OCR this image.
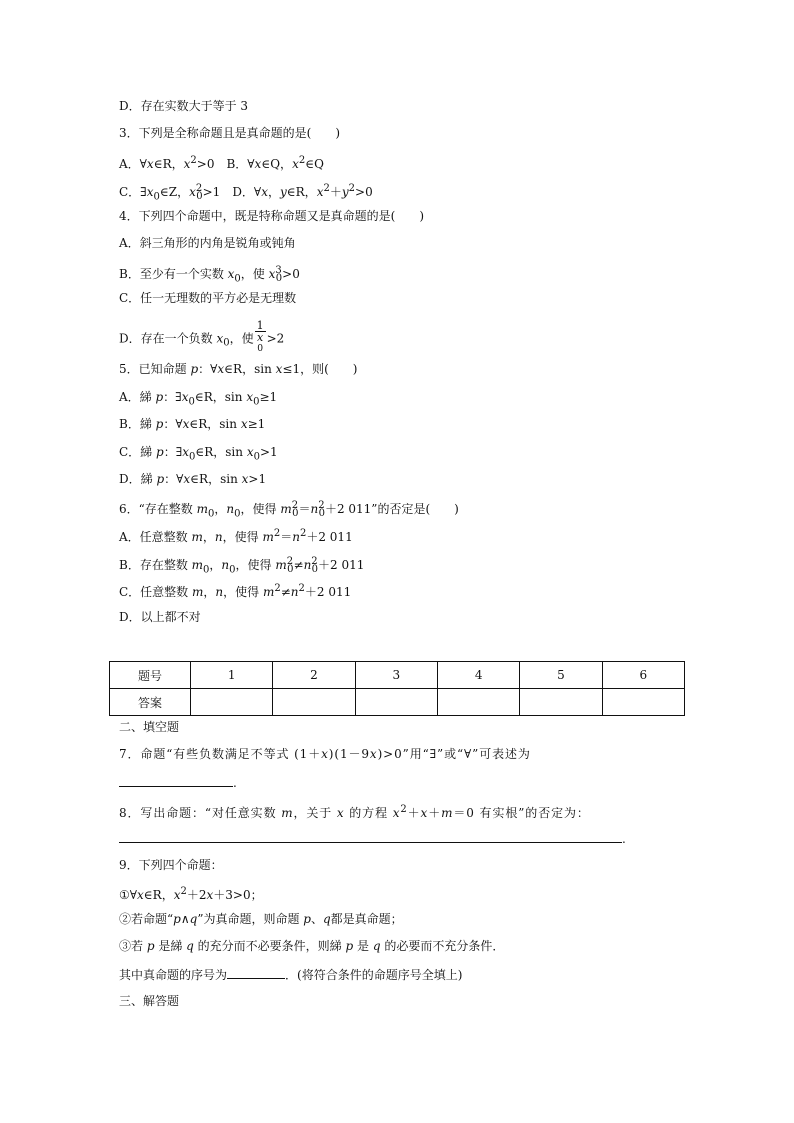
D．存在实数大于等于 3
3．下列是全称命题且是真命题的是(　　)
A．∀x∈R，$x^2>0$　B．∀x∈Q，$x^2\in Q$
C．$\exists x_0\in Z$，$x^2_0>1$　D．∀x，y∈R，$x^2+y^2>0$
4．下列四个命题中，既是特称命题又是真命题的是(　　)
A．斜三角形的内角是锐角或钝角
B．至少有一个实数 $x_0$，使 $x^3_0>0$
C．任一无理数的平方必是无理数
D．存在一个负数 $x_0$，使 1
x
$^0$ >2
5．已知命题 p：∀x∈R，sin x≤1，则(　　)
A．綈 p：$\exists x_0\in R$，$\sin x_0\ge 1$
B．綈 p：∀x∈R，sin x≥1
C．綈 p：$\exists x_0\in R$，$\sin x_0>1$
D．綈 p：∀x∈R，sin x>1
6．“存在整数 $m_0$，$n_0$，使得 $m^2_0=n^2_0+2$ 011”的否定是(　　)
A．任意整数 m，n，使得 $m^2=n^2+2$ 011
B．存在整数 $m_0$，$n_0$，使得 $m^2_0\ne n^2_0+2$ 011
C．任意整数 m，n，使得 $m^2\ne n^2+2$ 011
D．以上都不对
题号	1	2	3	4	5	6
答案						
二、填空题
7．命题“有些负数满足不等式 (1＋x)(1－9x)>0”用“∃”或“∀”可表述为
.
8．写出命题：“对任意实数 m，关于 x 的方程 $x^2+x+m=0$ 有实根”的否定为：
.
9．下列四个命题：
①∀x∈R，$x^2+2x+3>0$；
②若命题“p∧q”为真命题，则命题 p、q都是真命题；
③若 p 是綈 q 的充分而不必要条件，则綈 p 是 q 的必要而不充分条件．
其中真命题的序号为	．(将符合条件的命题序号全填上)
三、解答题
